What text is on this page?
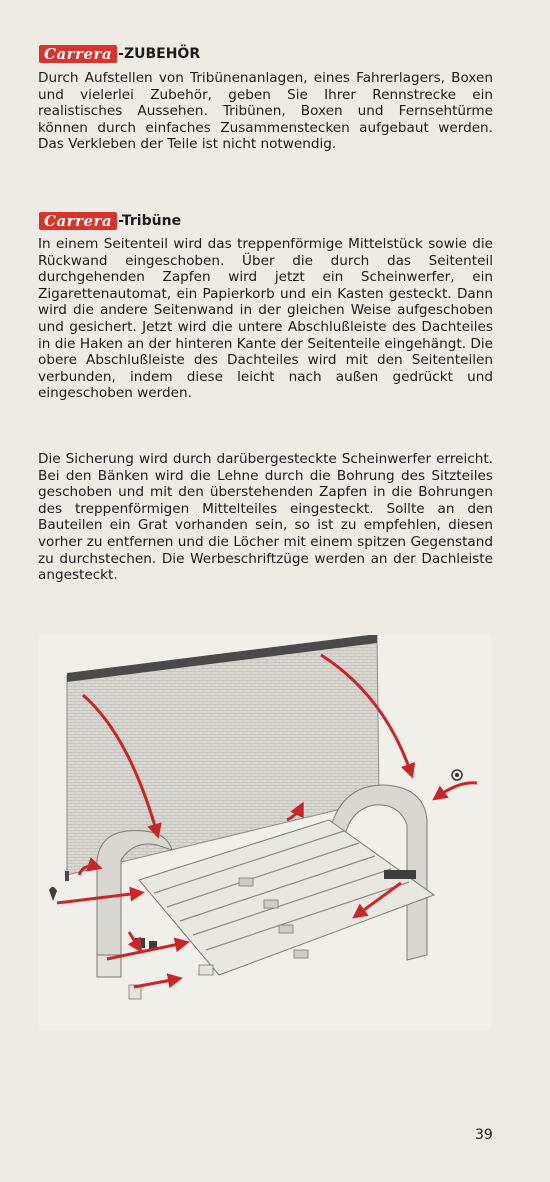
Carrera -ZUBEHÖR

Durch Aufstellen von Tribünenanlagen, eines Fahrerlagers, Boxen und vielerlei Zubehör, geben Sie Ihrer Rennstrecke ein realistisches Aussehen. Tribünen, Boxen und Fernsehtürme können durch einfaches Zusammenstecken aufgebaut werden. Das Verkleben der Teile ist nicht notwendig.

Carrera -Tribüne

In einem Seitenteil wird das treppenförmige Mittelstück sowie die Rückwand eingeschoben. Über die durch das Seitenteil durchgehenden Zapfen wird jetzt ein Scheinwerfer, ein Zigarettenautomat, ein Papierkorb und ein Kasten gesteckt. Dann wird die andere Seitenwand in der gleichen Weise aufgeschoben und gesichert. Jetzt wird die untere Abschlußleiste des Dachteiles in die Haken an der hinteren Kante der Seitenteile eingehängt. Die obere Abschlußleiste des Dachteiles wird mit den Seitenteilen verbunden, indem diese leicht nach außen gedrückt und eingeschoben werden.

Die Sicherung wird durch darübergesteckte Scheinwerfer erreicht. Bei den Bänken wird die Lehne durch die Bohrung des Sitzteiles geschoben und mit den überstehenden Zapfen in die Bohrungen des treppenförmigen Mittelteiles eingesteckt. Sollte an den Bauteilen ein Grat vorhanden sein, so ist zu empfehlen, diesen vorher zu entfernen und die Löcher mit einem spitzen Gegenstand zu durchstechen. Die Werbeschriftzüge werden an der Dachleiste angesteckt.

39
